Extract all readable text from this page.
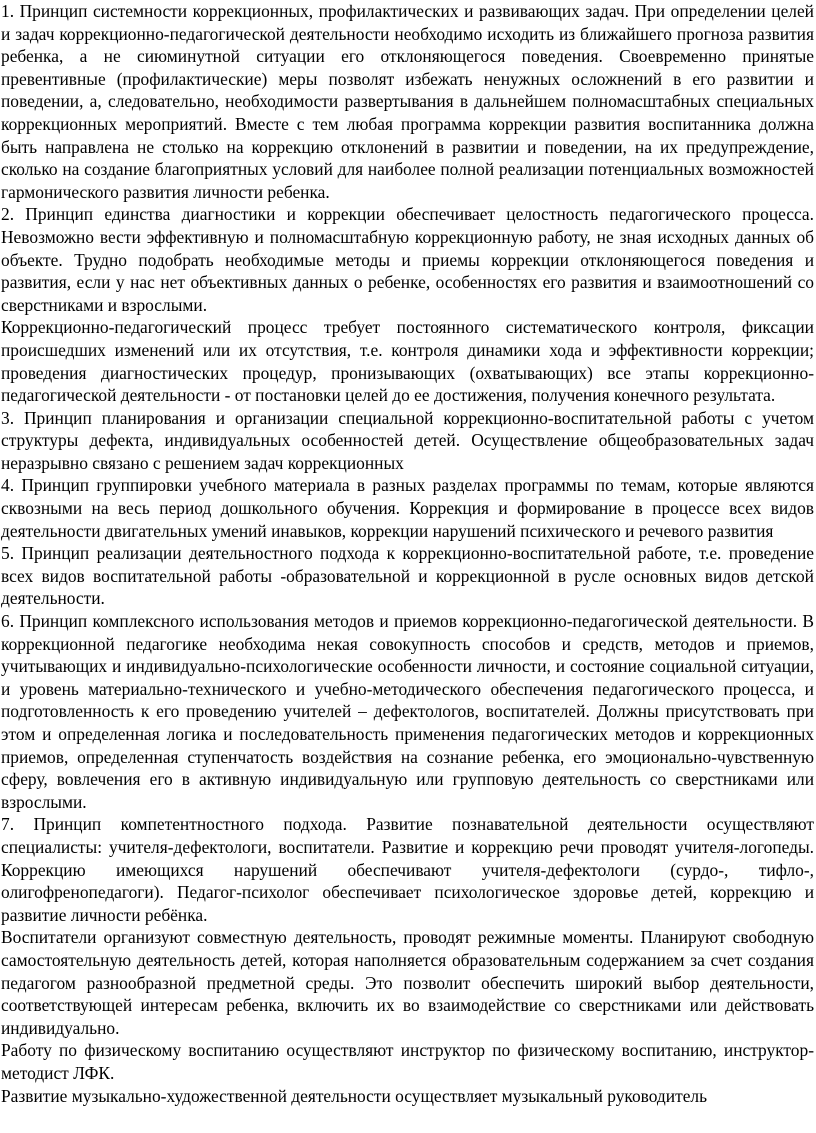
1. Принцип системности коррекционных, профилактических и развивающих задач. При определении целей и задач коррекционно-педагогической деятельности необходимо исходить из ближайшего прогноза развития ребенка, а не сиюминутной ситуации его отклоняющегося поведения. Своевременно принятые превентивные (профилактические) меры позволят избежать ненужных осложнений в его развитии и поведении, а, следовательно, необходимости развертывания в дальнейшем полномасштабных специальных коррекционных мероприятий. Вместе с тем любая программа коррекции развития воспитанника должна быть направлена не столько на коррекцию отклонений в развитии и поведении, на их предупреждение, сколько на создание благоприятных условий для наиболее полной реализации потенциальных возможностей гармонического развития личности ребенка.

2. Принцип единства диагностики и коррекции обеспечивает целостность педагогического процесса. Невозможно вести эффективную и полномасштабную коррекционную работу, не зная исходных данных об объекте. Трудно подобрать необходимые методы и приемы коррекции отклоняющегося поведения и развития, если у нас нет объективных данных о ребенке, особенностях его развития и взаимоотношений со сверстниками и взрослыми.

Коррекционно-педагогический процесс требует постоянного систематического контроля, фиксации происшедших изменений или их отсутствия, т.е. контроля динамики хода и эффективности коррекции; проведения диагностических процедур, пронизывающих (охватывающих) все этапы коррекционно-педагогической деятельности - от постановки целей до ее достижения, получения конечного результата.

3. Принцип планирования и организации специальной коррекционно-воспитательной работы с учетом структуры дефекта, индивидуальных особенностей детей. Осуществление общеобразовательных задач неразрывно связано с решением задач коррекционных

4. Принцип группировки учебного материала в разных разделах программы по темам, которые являются сквозными на весь период дошкольного обучения. Коррекция и формирование в процессе всех видов деятельности двигательных умений инавыков, коррекции нарушений психического и речевого развития

5. Принцип реализации деятельностного подхода к коррекционно-воспитательной работе, т.е. проведение всех видов воспитательной работы -образовательной и коррекционной в русле основных видов детской деятельности.

6. Принцип комплексного использования методов и приемов коррекционно-педагогической деятельности. В коррекционной педагогике необходима некая совокупность способов и средств, методов и приемов, учитывающих и индивидуально-психологические особенности личности, и состояние социальной ситуации, и уровень материально-технического и учебно-методического обеспечения педагогического процесса, и подготовленность к его проведению учителей – дефектологов, воспитателей. Должны присутствовать при этом и определенная логика и последовательность применения педагогических методов и коррекционных приемов, определенная ступенчатость воздействия на сознание ребенка, его эмоционально-чувственную сферу, вовлечения его в активную индивидуальную или групповую деятельность со сверстниками или взрослыми.

7. Принцип компетентностного подхода. Развитие познавательной деятельности осуществляют специалисты: учителя-дефектологи, воспитатели. Развитие и коррекцию речи проводят учителя-логопеды. Коррекцию имеющихся нарушений обеспечивают учителя-дефектологи (сурдо-, тифло-, олигофренопедагоги). Педагог-психолог обеспечивает психологическое здоровье детей, коррекцию и развитие личности ребёнка.

Воспитатели организуют совместную деятельность, проводят режимные моменты. Планируют свободную самостоятельную деятельность детей, которая наполняется образовательным содержанием за счет создания педагогом разнообразной предметной среды. Это позволит обеспечить широкий выбор деятельности, соответствующей интересам ребенка, включить их во взаимодействие со сверстниками или действовать индивидуально.

Работу по физическому воспитанию осуществляют инструктор по физическому воспитанию, инструктор-методист ЛФК.

Развитие музыкально-художественной деятельности осуществляет музыкальный руководитель
